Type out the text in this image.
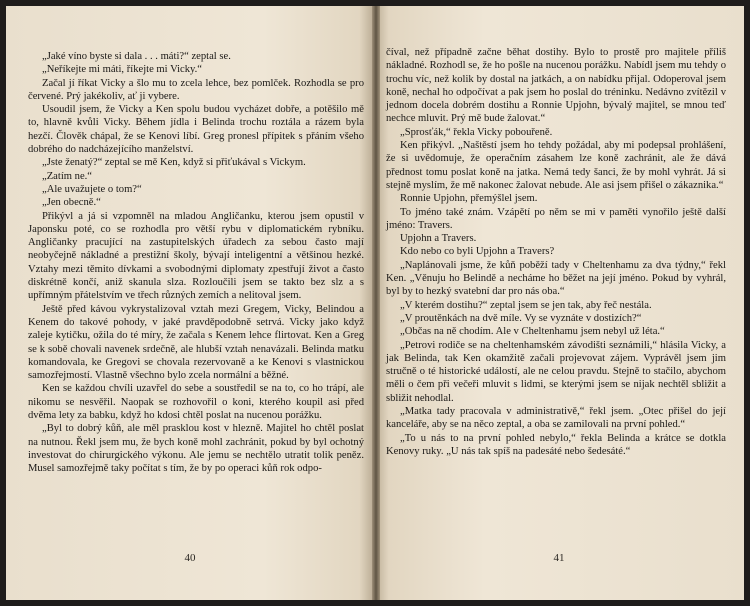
„Jaké víno byste si dala . . . máti?“ zeptal se.

„Neříkejte mi máti, říkejte mi Vicky.“

Začal jí říkat Vicky a šlo mu to zcela lehce, bez pomlček. Rozhodla se pro červené. Prý jakékoliv, ať ji vybere.

Usoudil jsem, že Vicky a Ken spolu budou vycházet dobře, a potěšilo mě to, hlavně kvůli Vicky. Během jídla i Belinda trochu roztála a rázem byla hezčí. Člověk chápal, že se Kenovi líbí. Greg pronesl přípitek s přáním všeho dobrého do nadcházejícího manželství.

„Jste ženatý?“ zeptal se mě Ken, když si přiťukával s Vickym.

„Zatím ne.“

„Ale uvažujete o tom?“

„Jen obecně.“

Přikývl a já si vzpomněl na mladou Angličanku, kterou jsem opustil v Japonsku poté, co se rozhodla pro větší rybu v diplomatickém rybníku. Angličanky pracující na zastupitelských úřadech za sebou často mají neobyčejně nákladné a prestižní školy, bývají inteligentní a většinou hezké. Vztahy mezi těmito dívkami a svobodnými diplomaty zpestřují život a často diskrétně končí, aniž skanula slza. Rozloučili jsem se takto bez slz a s upřímným přátelstvím ve třech různých zemích a nelitoval jsem.

Ještě před kávou vykrystalizoval vztah mezi Gregem, Vicky, Belindou a Kenem do takové pohody, v jaké pravděpodobně setrvá. Vicky jako když zaleje kytičku, ožila do té míry, že začala s Kenem lehce flirtovat. Ken a Greg se k sobě chovali navenek srdečně, ale hlubší vztah nenavázali. Belinda matku komandovala, ke Gregovi se chovala rezervovaně a ke Kenovi s vlastnickou samozřejmostí. Vlastně všechno bylo zcela normální a běžné.

Ken se každou chvíli uzavřel do sebe a soustředil se na to, co ho trápí, ale nikomu se nesvěřil. Naopak se rozhovořil o koni, kterého koupil asi před dvěma lety za babku, když ho kdosi chtěl poslat na nucenou porážku.

„Byl to dobrý kůň, ale měl prasklou kost v hlezně. Majitel ho chtěl poslat na nutnou. Řekl jsem mu, že bych koně mohl zachránit, pokud by byl ochotný investovat do chirurgického výkonu. Ale jemu se nechtělo utratit tolik peněz. Musel samozřejmě taky počítat s tím, že by po operaci kůň rok odpo-

40

číval, než případně začne běhat dostihy. Bylo to prostě pro majitele příliš nákladné. Rozhodl se, že ho pošle na nucenou porážku. Nabídl jsem mu tehdy o trochu víc, než kolik by dostal na jatkách, a on nabídku přijal. Odoperoval jsem koně, nechal ho odpočívat a pak jsem ho poslal do tréninku. Nedávno zvítězil v jednom docela dobrém dostihu a Ronnie Upjohn, bývalý majitel, se mnou teď nechce mluvit. Prý mě bude žalovat.“

„Sprosťák,“ řekla Vicky pobouřeně.

Ken přikývl. „Naštěstí jsem ho tehdy požádal, aby mi podepsal prohlášení, že si uvědomuje, že operačním zásahem lze koně zachránit, ale že dává přednost tomu poslat koně na jatka. Nemá tedy šanci, že by mohl vyhrát. Já si stejně myslím, že mě nakonec žalovat nebude. Ale asi jsem přišel o zákaznika.“

Ronnie Upjohn, přemýšlel jsem.

To jméno také znám. Vzápětí po něm se mi v paměti vynořilo ještě další jméno: Travers.

Upjohn a Travers.

Kdo nebo co byli Upjohn a Travers?

„Naplánovali jsme, že kůň poběží tady v Cheltenhamu za dva týdny,“ řekl Ken. „Věnuju ho Belindě a necháme ho běžet na její jméno. Pokud by vyhrál, byl by to hezký svatební dar pro nás oba.“

„V kterém dostihu?“ zeptal jsem se jen tak, aby řeč nestála.

„V proutěnkách na dvě míle. Vy se vyznáte v dostizích?“

„Občas na ně chodím. Ale v Cheltenhamu jsem nebyl už léta.“

„Petrovi rodiče se na cheltenhamském závodišti seznámili,“ hlásila Vicky, a jak Belinda, tak Ken okamžitě začali projevovat zájem. Vyprávěl jsem jim stručně o té historické událostí, ale ne celou pravdu. Stejně to stačilo, abychom měli o čem při večeři mluvit s lidmi, se kterými jsem se nijak nechtěl sbližit a sbližit nehodlal.

„Matka tady pracovala v administrativě,“ řekl jsem. „Otec přišel do její kanceláře, aby se na něco zeptal, a oba se zamilovali na první pohled.“

„To u nás to na první pohled nebylo,“ řekla Belinda a krátce se dotkla Kenovy ruky. „U nás tak spíš na padesáté nebo šedesáté.“

41
